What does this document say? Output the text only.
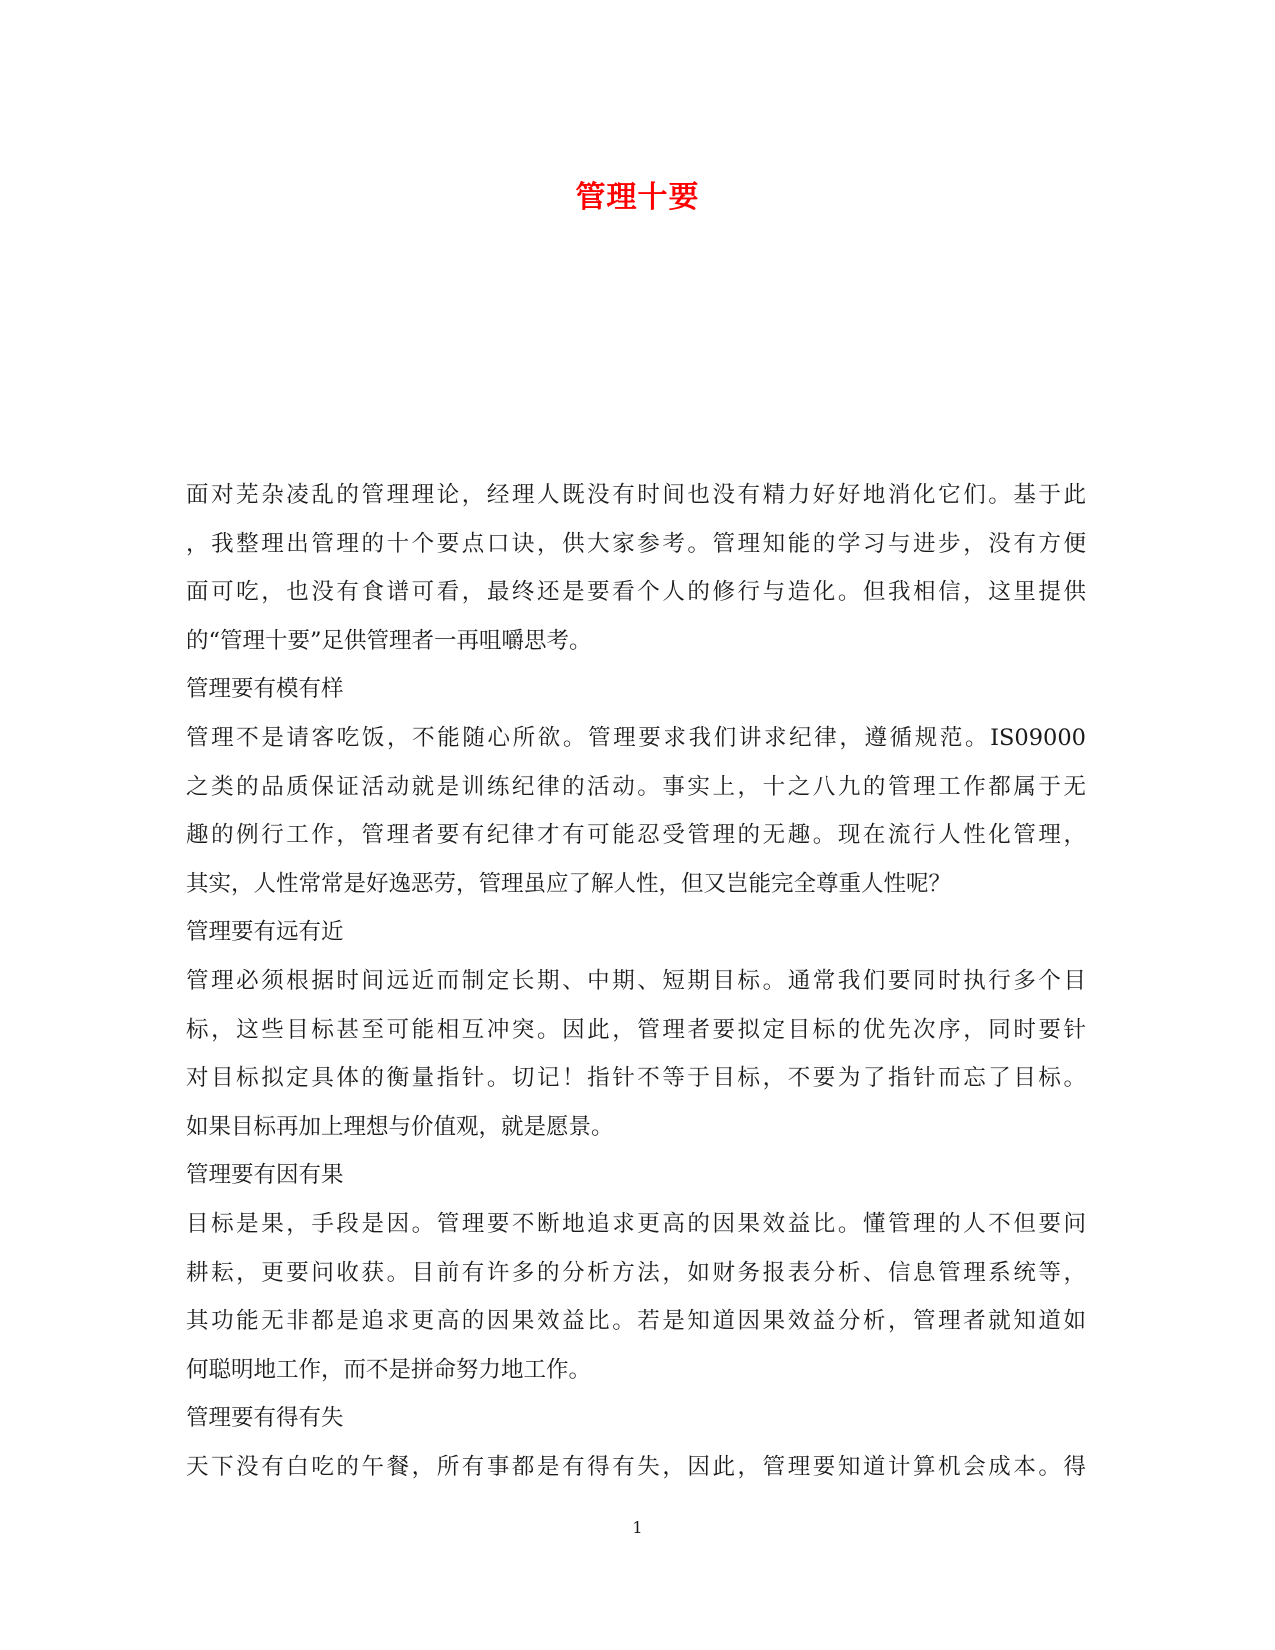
管理十要
面对芜杂凌乱的管理理论，经理人既没有时间也没有精力好好地消化它们。基于此
，我整理出管理的十个要点口诀，供大家参考。管理知能的学习与进步，没有方便
面可吃，也没有食谱可看，最终还是要看个人的修行与造化。但我相信，这里提供
的“管理十要”足供管理者一再咀嚼思考。
管理要有模有样
管理不是请客吃饭，不能随心所欲。管理要求我们讲求纪律，遵循规范。IS09000
之类的品质保证活动就是训练纪律的活动。事实上，十之八九的管理工作都属于无
趣的例行工作，管理者要有纪律才有可能忍受管理的无趣。现在流行人性化管理，
其实，人性常常是好逸恶劳，管理虽应了解人性，但又岂能完全尊重人性呢？
管理要有远有近
管理必须根据时间远近而制定长期、中期、短期目标。通常我们要同时执行多个目
标，这些目标甚至可能相互冲突。因此，管理者要拟定目标的优先次序，同时要针
对目标拟定具体的衡量指针。切记！指针不等于目标，不要为了指针而忘了目标。
如果目标再加上理想与价值观，就是愿景。
管理要有因有果
目标是果，手段是因。管理要不断地追求更高的因果效益比。懂管理的人不但要问
耕耘，更要问收获。目前有许多的分析方法，如财务报表分析、信息管理系统等，
其功能无非都是追求更高的因果效益比。若是知道因果效益分析，管理者就知道如
何聪明地工作，而不是拼命努力地工作。
管理要有得有失
天下没有白吃的午餐，所有事都是有得有失，因此，管理要知道计算机会成本。得
1
